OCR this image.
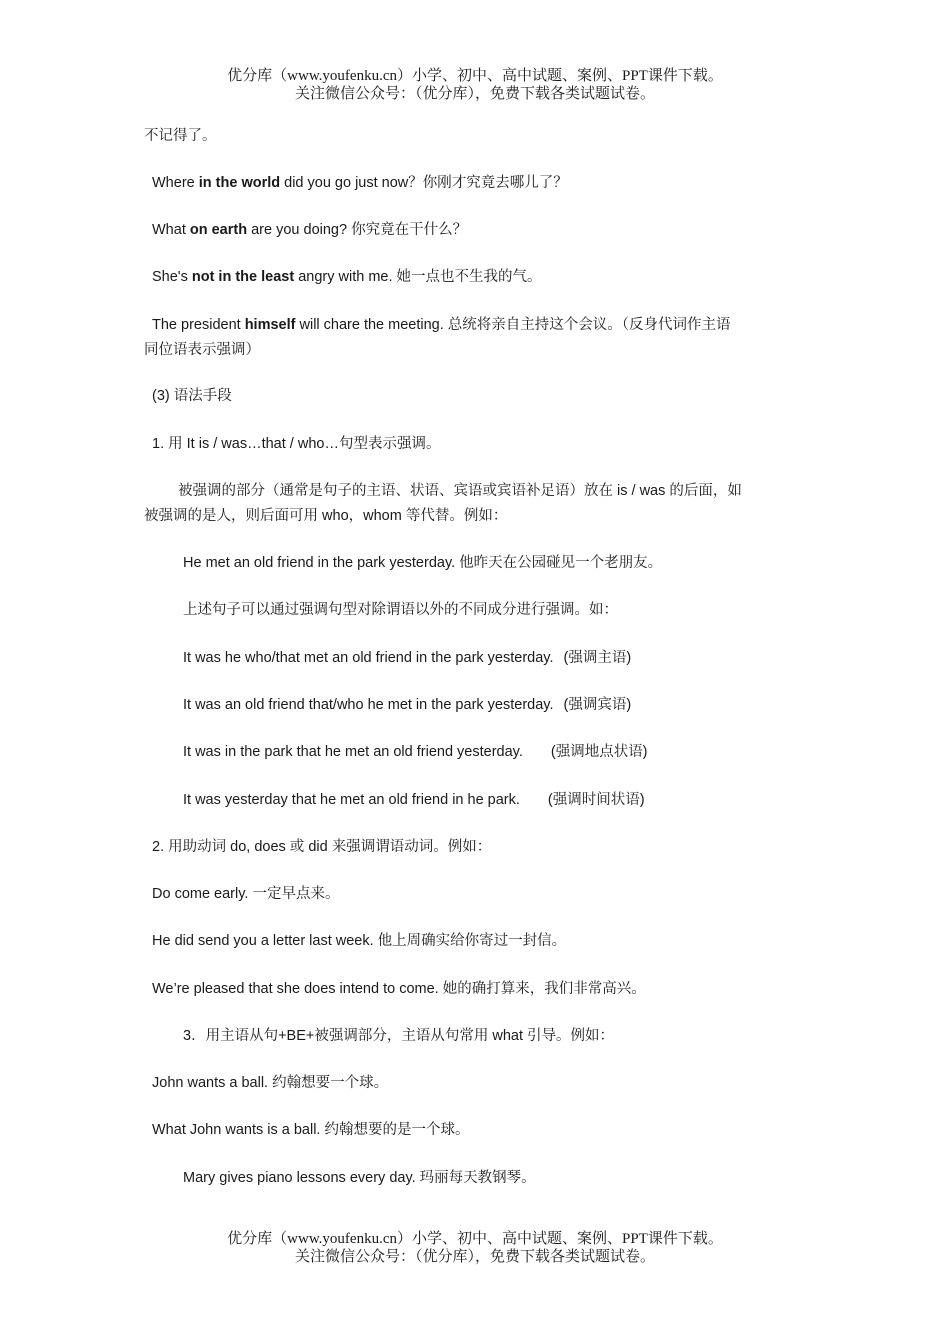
优分库（www.youfenku.cn）小学、初中、高中试题、案例、PPT课件下载。
关注微信公众号：（优分库），免费下载各类试题试卷。
不记得了。
Where in the world did you go just now？你刚才究竟去哪儿了？
What on earth are you doing? 你究竟在干什么？
She's not in the least angry with me. 她一点也不生我的气。
The president himself will chare the meeting. 总统将亲自主持这个会议。（反身代词作主语
同位语表示强调）
(3) 语法手段
1. 用 It is / was…that / who…句型表示强调。
被强调的部分（通常是句子的主语、状语、宾语或宾语补足语）放在 is / was 的后面，如
被强调的是人，则后面可用 who，whom 等代替。例如：
He met an old friend in the park yesterday. 他昨天在公园碰见一个老朋友。
上述句子可以通过强调句型对除谓语以外的不同成分进行强调。如：
It was he who/that met an old friend in the park yesterday. (强调主语)
It was an old friend that/who he met in the park yesterday. (强调宾语)
It was in the park that he met an old friend yesterday. (强调地点状语)
It was yesterday that he met an old friend in he park. (强调时间状语)
2. 用助动词 do, does 或 did 来强调谓语动词。例如：
Do come early. 一定早点来。
He did send you a letter last week. 他上周确实给你寄过一封信。
We’re pleased that she does intend to come. 她的确打算来，我们非常高兴。
3．用主语从句+BE+被强调部分，主语从句常用 what 引导。例如：
John wants a ball. 约翰想要一个球。
What John wants is a ball. 约翰想要的是一个球。
Mary gives piano lessons every day. 玛丽每天教钢琴。
优分库（www.youfenku.cn）小学、初中、高中试题、案例、PPT课件下载。
关注微信公众号：（优分库），免费下载各类试题试卷。
